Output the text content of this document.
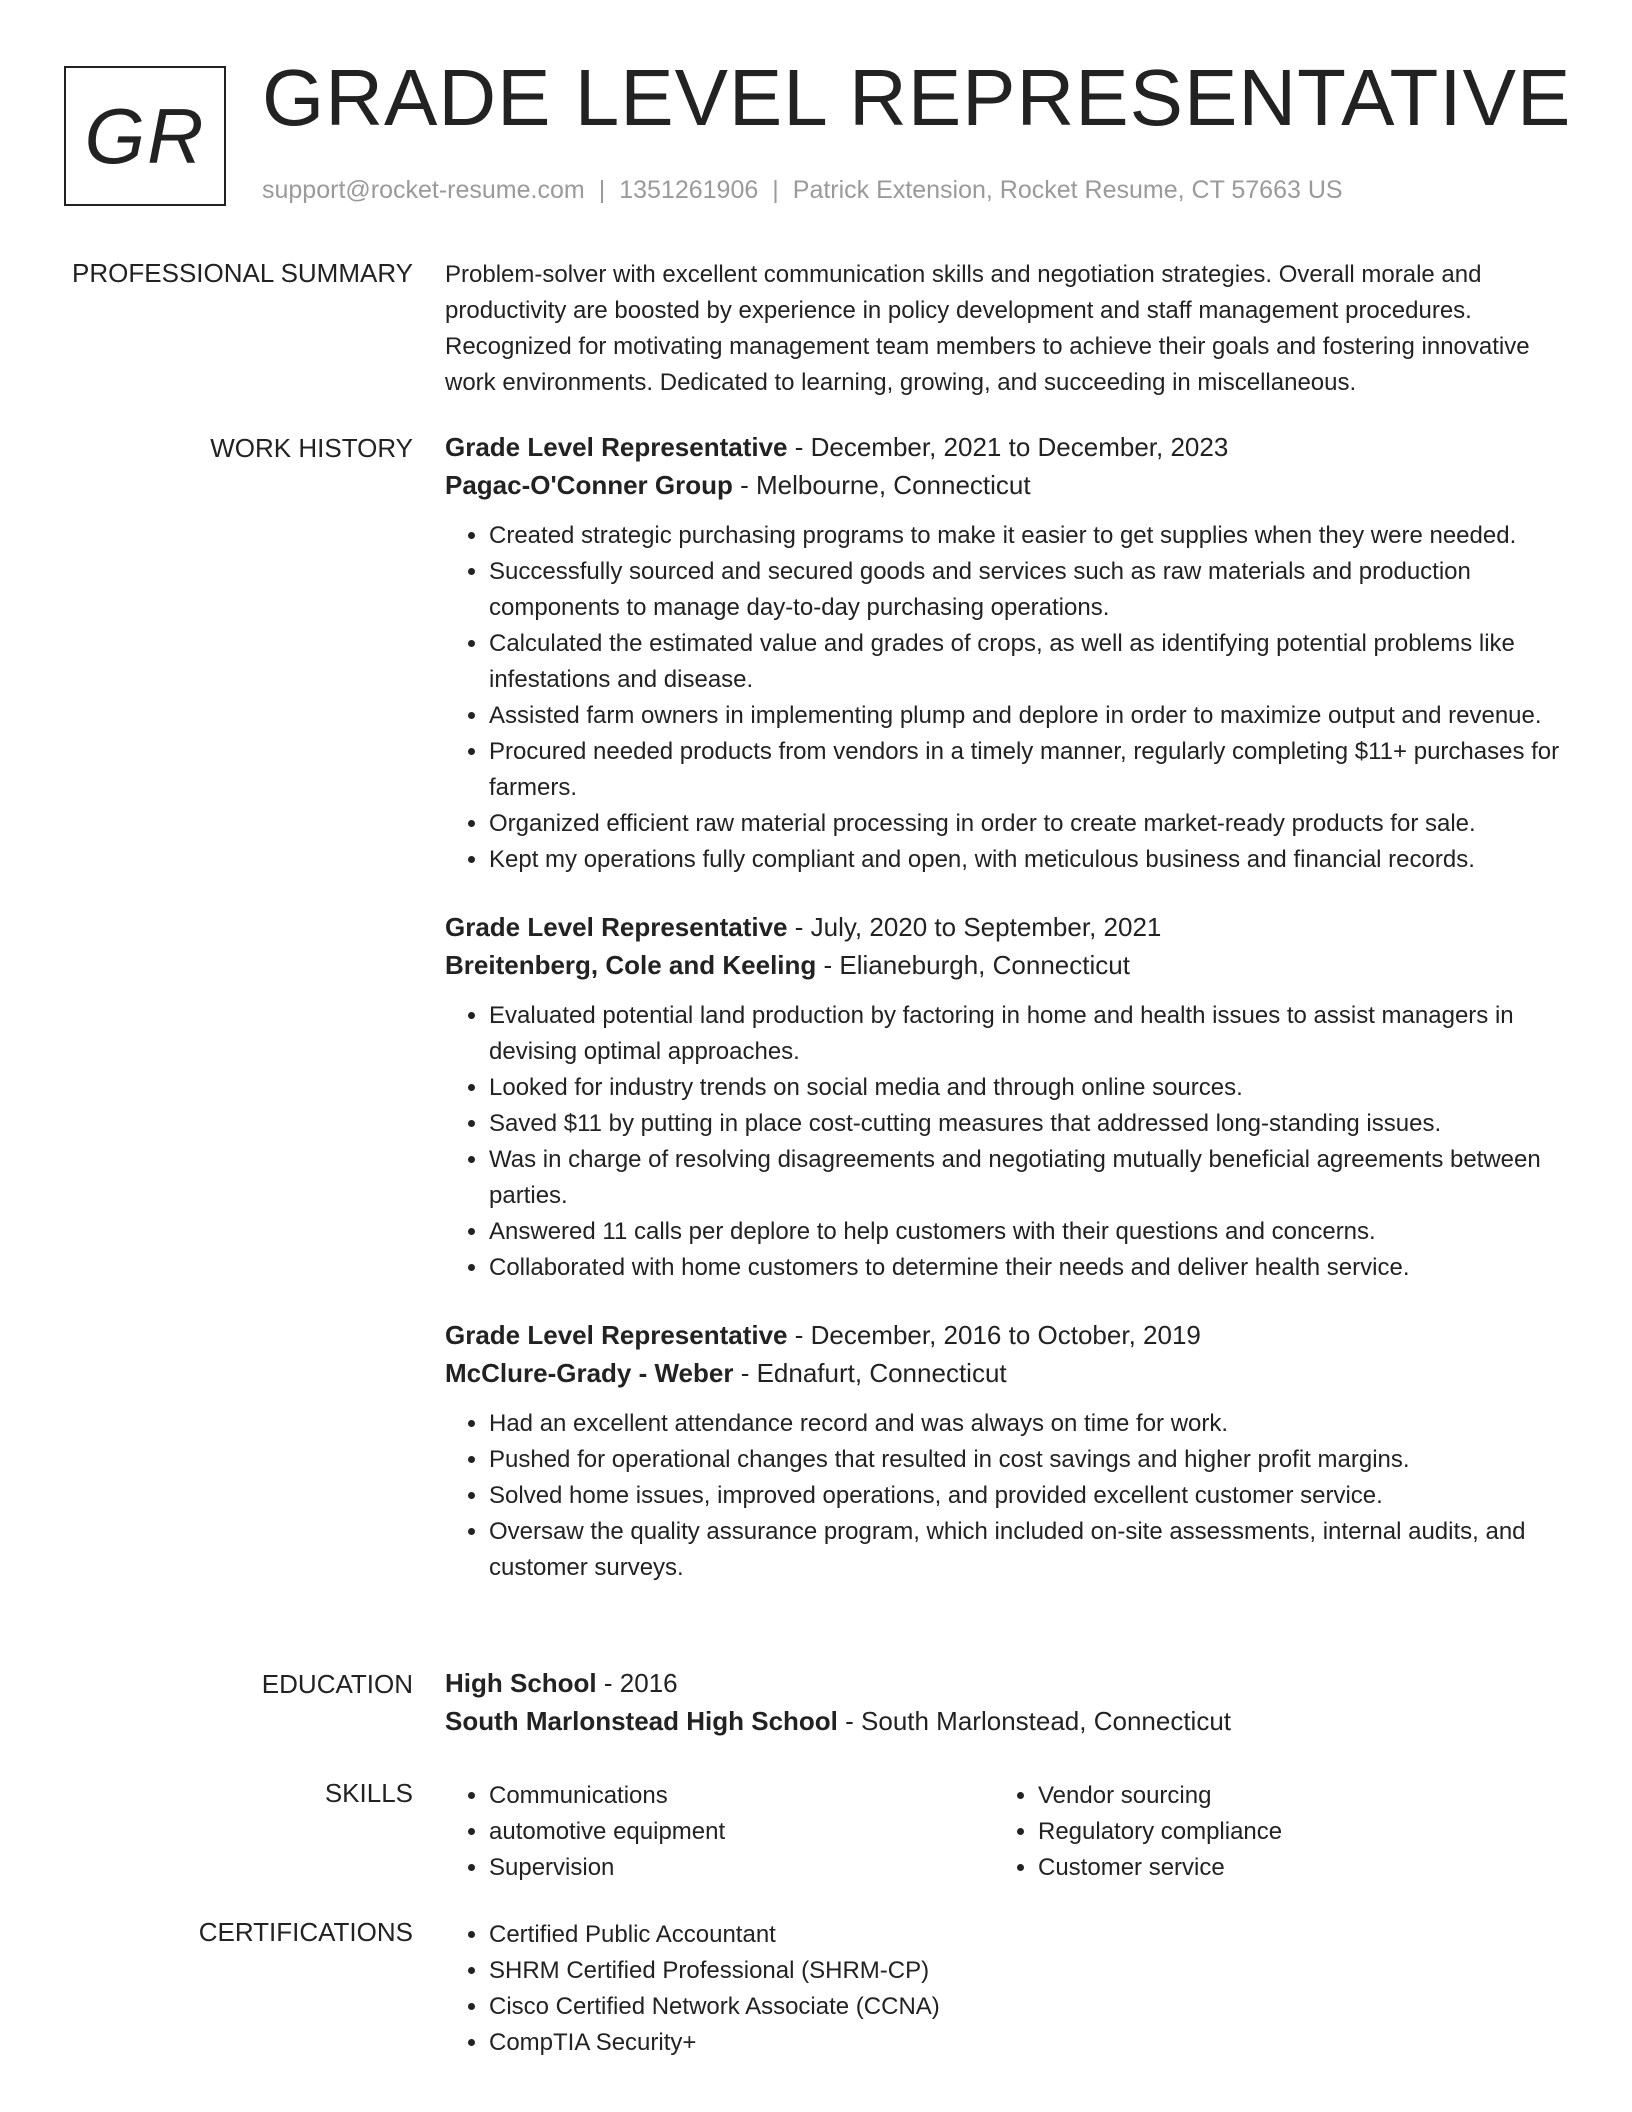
GR GRADE LEVEL REPRESENTATIVE
support@rocket-resume.com | 1351261906 | Patrick Extension, Rocket Resume, CT 57663 US
PROFESSIONAL SUMMARY Problem-solver with excellent communication skills and negotiation strategies. Overall morale and productivity are boosted by experience in policy development and staff management procedures. Recognized for motivating management team members to achieve their goals and fostering innovative work environments. Dedicated to learning, growing, and succeeding in miscellaneous.

WORK HISTORY Grade Level Representative - December, 2021 to December, 2023

Pagac-O'Conner Group - Melbourne, Connecticut

• Created strategic purchasing programs to make it easier to get supplies when they were needed.
• Successfully sourced and secured goods and services such as raw materials and production components to manage day-to-day purchasing operations.
• Calculated the estimated value and grades of crops, as well as identifying potential problems like infestations and disease.
• Assisted farm owners in implementing plump and deplore in order to maximize output and revenue.
• Procured needed products from vendors in a timely manner, regularly completing $11+ purchases for farmers.
• Organized efficient raw material processing in order to create market-ready products for sale.
• Kept my operations fully compliant and open, with meticulous business and financial records.

Grade Level Representative - July, 2020 to September, 2021

Breitenberg, Cole and Keeling - Elianeburgh, Connecticut

• Evaluated potential land production by factoring in home and health issues to assist managers in devising optimal approaches.
• Looked for industry trends on social media and through online sources.
• Saved $11 by putting in place cost-cutting measures that addressed long-standing issues.
• Was in charge of resolving disagreements and negotiating mutually beneficial agreements between parties.
• Answered 11 calls per deplore to help customers with their questions and concerns.
• Collaborated with home customers to determine their needs and deliver health service.

Grade Level Representative - December, 2016 to October, 2019

McClure-Grady - Weber - Ednafurt, Connecticut

• Had an excellent attendance record and was always on time for work.
• Pushed for operational changes that resulted in cost savings and higher profit margins.
• Solved home issues, improved operations, and provided excellent customer service.
• Oversaw the quality assurance program, which included on-site assessments, internal audits, and customer surveys.
EDUCATION High School - 2016

South Marlonstead High School - South Marlonstead, Connecticut

SKILLS	• Communications
• automotive equipment
• Supervision
• Vendor sourcing
• Regulatory compliance
• Customer service
CERTIFICATIONS	• Certified Public Accountant
• SHRM Certified Professional (SHRM-CP)
• Cisco Certified Network Associate (CCNA)
• CompTIA Security+
